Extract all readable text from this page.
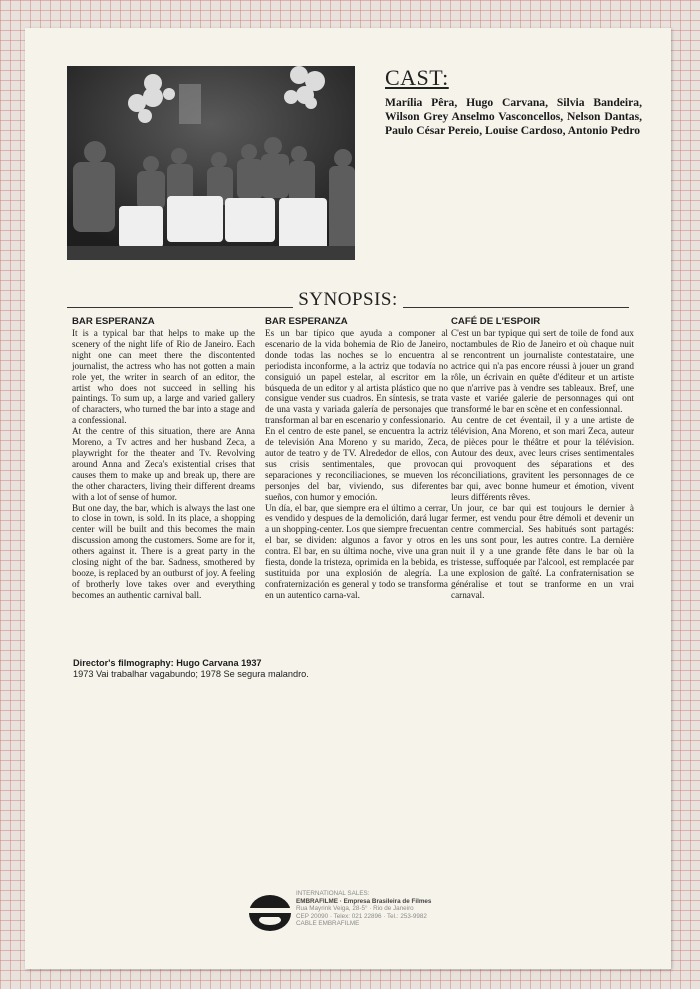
CAST:
Marília Pêra, Hugo Carvana, Silvia Bandeira, Wilson Grey Anselmo Vasconcellos, Nelson Dantas, Paulo César Pereio, Louise Cardoso, Antonio Pedro
SYNOPSIS:
BAR ESPERANZA

It is a typical bar that helps to make up the scenery of the night life of Rio de Janeiro. Each night one can meet there the discontented journalist, the actress who has not gotten a main role yet, the writer in search of an editor, the artist who does not succeed in selling his paintings. To sum up, a large and varied gallery of characters, who turned the bar into a stage and a confessional.

At the centre of this situation, there are Anna Moreno, a Tv actres and her husband Zeca, a playwright for the theater and Tv. Revolving around Anna and Zeca's existential crises that causes them to make up and break up, there are the other characters, living their different dreams with a lot of sense of humor.

But one day, the bar, which is always the last one to close in town, is sold. In its place, a shopping center will be built and this becomes the main discussion among the customers. Some are for it, others against it. There is a great party in the closing night of the bar. Sadness, smothered by booze, is replaced by an outburst of joy. A feeling of brotherly love takes over and everything becomes an authentic carnival ball.

BAR ESPERANZA

Es un bar típico que ayuda a componer al escenario de la vida bohemia de Rio de Janeiro, donde todas las noches se lo encuentra al periodista inconforme, a la actriz que todavía no consiguió un papel estelar, al escritor em la búsqueda de un editor y al artista plástico que no consigue vender sus cuadros. En síntesis, se trata de una vasta y variada galería de personajes que transforman al bar en escenario y confessionario.

En el centro de este panel, se encuentra la actriz de televisión Ana Moreno y su marido, Zeca, autor de teatro y de TV. Alrededor de ellos, con sus crisis sentimentales, que provocan separaciones y reconciliaciones, se mueven los personjes del bar, viviendo, sus diferentes sueños, con humor y emoción.

Un día, el bar, que siempre era el último a cerrar, es vendido y despues de la demolición, dará lugar a un shopping-center. Los que siempre frecuentan el bar, se dividen: algunos a favor y otros en contra. El bar, en su última noche, vive una gran fiesta, donde la tristeza, oprimida en la bebida, es sustituida por una explosión de alegría. La confraternización es general y todo se transforma en un autentico carna-val.

CAFÉ DE L'ESPOIR

C'est un bar typique qui sert de toile de fond aux noctambules de Rio de Janeiro et où chaque nuit se rencontrent un journaliste contestataire, une actrice qui n'a pas encore réussi à jouer un grand rôle, un écrivain en quête d'éditeur et un artiste que n'arrive pas à vendre ses tableaux. Bref, une vaste et variée galerie de personnages qui ont transformé le bar en scène et en confessionnal.

Au centre de cet éventail, il y a une artiste de télévision, Ana Moreno, et son mari Zeca, auteur de pièces pour le théâtre et pour la télévision. Autour des deux, avec leurs crises sentimentales qui provoquent des séparations et des réconciliations, gravitent les personnages de ce bar qui, avec bonne humeur et émotion, vivent leurs différents rêves.

Un jour, ce bar qui est toujours le dernier à fermer, est vendu pour être démoli et devenir un centre commercial. Ses habitués sont partagés: les uns sont pour, les autres contre. La dernière nuit il y a une grande fête dans le bar où la tristesse, suffoquée par l'alcool, est remplacée par une explosion de gaîté. La confraternisation se généralise et tout se tranforme en un vrai carnaval.

Director's filmography: Hugo Carvana 1937
1973 Vai trabalhar vagabundo; 1978 Se segura malandro.
INTERNATIONAL SALES:
EMBRAFILME · Empresa Brasileira de Filmes
Rua Mayrink Veiga, 28-5° · Rio de Janeiro
CEP 20090 · Telex: 021 22896 · Tel.: 253-9982
CABLE EMBRAFILME
